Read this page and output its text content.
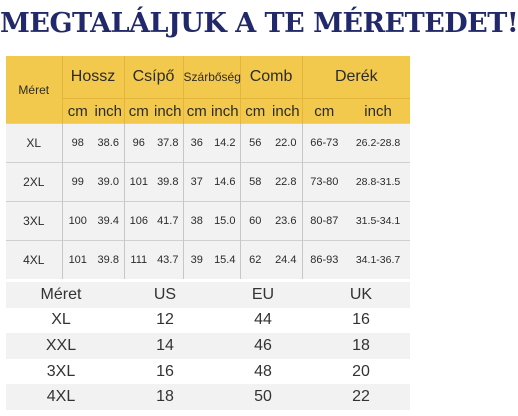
MEGTALÁLJUK A TE MÉRETEDET!
Méret	Hossz		Csípő		Szárbőség		Comb		Derék	
	cm	inch	cm	inch	cm	inch	cm	inch	cm	inch
XL	98	38.6	96	37.8	36	14.2	56	22.0	66-73	26.2-28.8
2XL	99	39.0	101	39.8	37	14.6	58	22.8	73-80	28.8-31.5
3XL	100	39.4	106	41.7	38	15.0	60	23.6	80-87	31.5-34.1
4XL	101	39.8	111	43.7	39	15.4	62	24.4	86-93	34.1-36.7
Méret	US	EU	UK
XL	12	44	16
XXL	14	46	18
3XL	16	48	20
4XL	18	50	22
